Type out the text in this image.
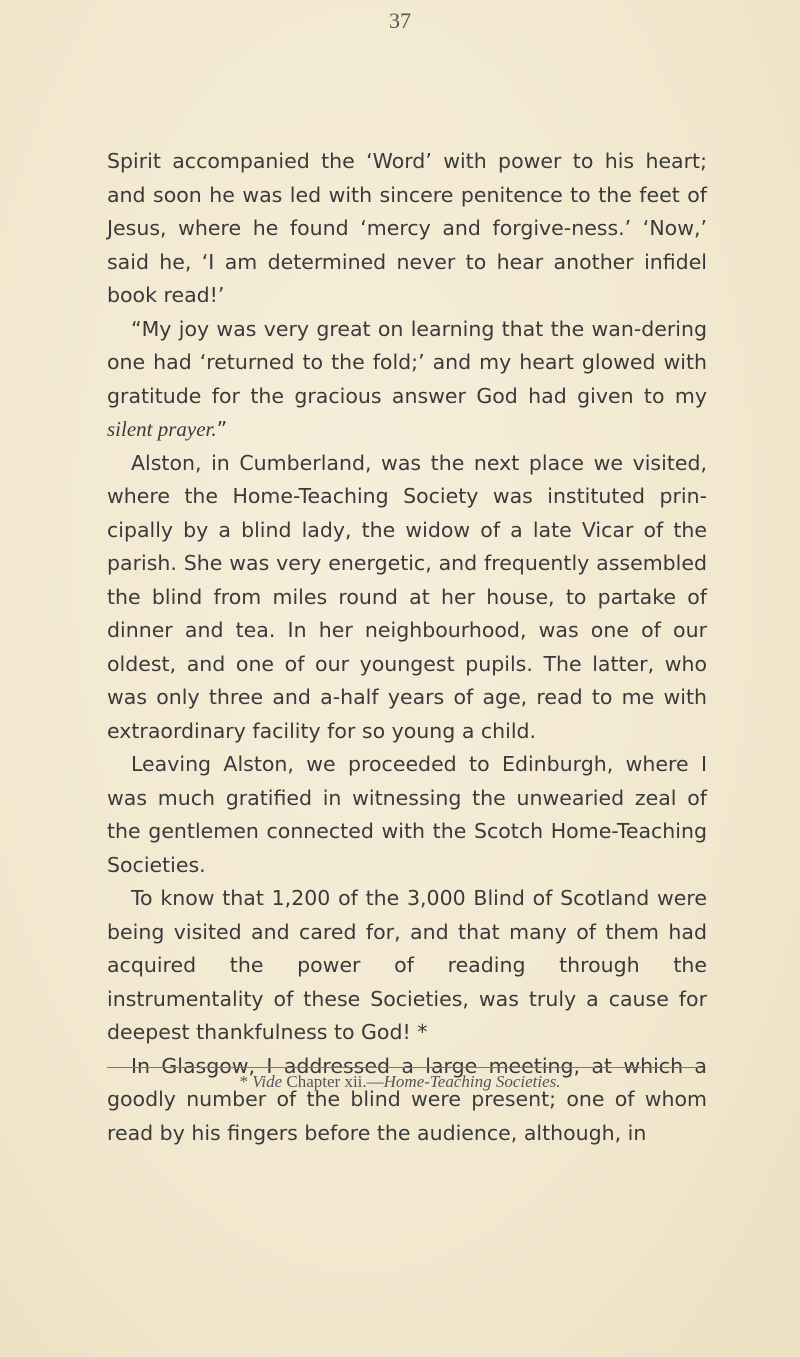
37

Spirit accompanied the ‘Word’ with power to his heart; and soon he was led with sincere penitence to the feet of Jesus, where he found ‘mercy and forgive-ness.’ ‘Now,’ said he, ‘I am determined never to hear another infidel book read!’

“My joy was very great on learning that the wan-dering one had ‘returned to the fold;’ and my heart glowed with gratitude for the gracious answer God had given to my silent prayer.”

Alston, in Cumberland, was the next place we visited, where the Home-Teaching Society was instituted prin-cipally by a blind lady, the widow of a late Vicar of the parish. She was very energetic, and frequently assembled the blind from miles round at her house, to partake of dinner and tea. In her neighbourhood, was one of our oldest, and one of our youngest pupils. The latter, who was only three and a-half years of age, read to me with extraordinary facility for so young a child.

Leaving Alston, we proceeded to Edinburgh, where I was much gratified in witnessing the unwearied zeal of the gentlemen connected with the Scotch Home-Teaching Societies.

To know that 1,200 of the 3,000 Blind of Scotland were being visited and cared for, and that many of them had acquired the power of reading through the instrumentality of these Societies, was truly a cause for deepest thankfulness to God! *

In Glasgow, I addressed a large meeting, at which a goodly number of the blind were present; one of whom read by his fingers before the audience, although, in

* Vide Chapter xii.—Home-Teaching Societies.
